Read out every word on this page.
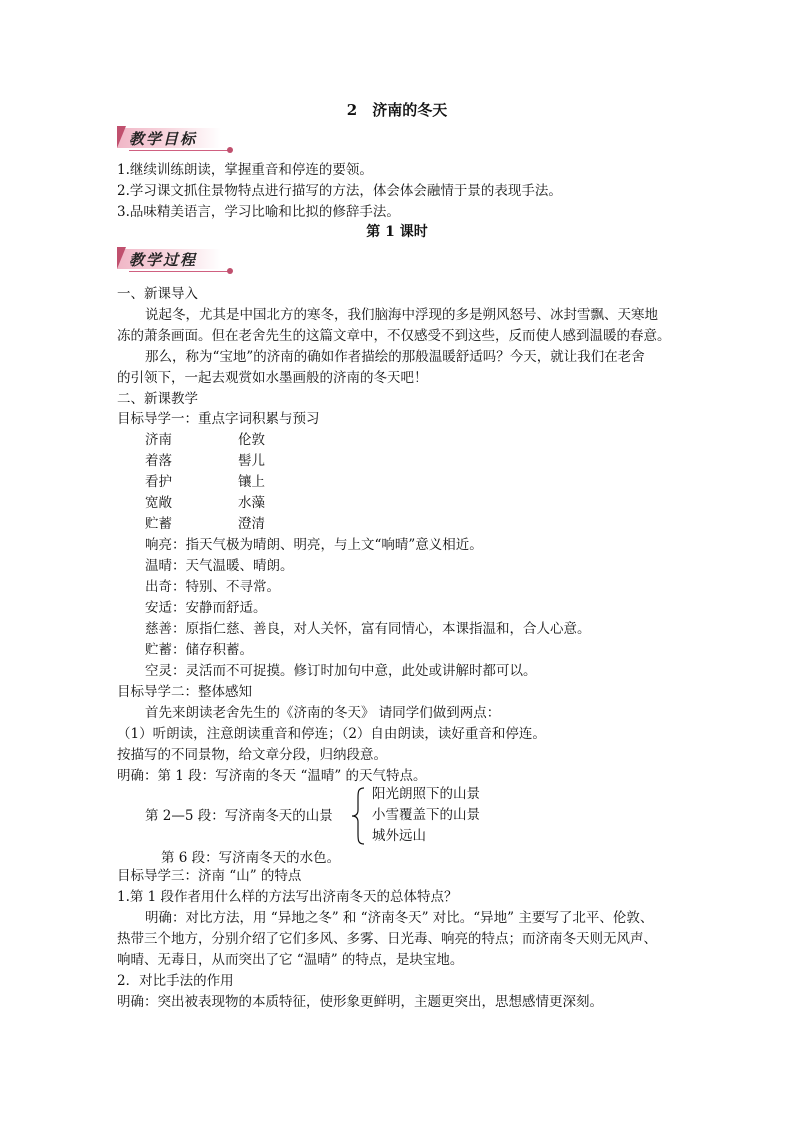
2　济南的冬天
教学目标
1.继续训练朗读，掌握重音和停连的要领。
2.学习课文抓住景物特点进行描写的方法，体会体会融情于景的表现手法。
3.品味精美语言，学习比喻和比拟的修辞手法。
第 1 课时
教学过程
一、新课导入
说起冬，尤其是中国北方的寒冬，我们脑海中浮现的多是朔风怒号、冰封雪飘、天寒地
冻的萧条画面。但在老舍先生的这篇文章中，不仅感受不到这些，反而使人感到温暖的春意。
那么，称为“宝地”的济南的确如作者描绘的那般温暖舒适吗？今天，就让我们在老舍
的引领下，一起去观赏如水墨画般的济南的冬天吧！
二、新课教学
目标导学一：重点字词积累与预习
济南	伦敦
着落	髻儿
看护	镶上
宽敞	水藻
贮蓄	澄清
响亮：指天气极为晴朗、明亮，与上文“响晴”意义相近。
温晴：天气温暖、晴朗。
出奇：特别、不寻常。
安适：安静而舒适。
慈善：原指仁慈、善良，对人关怀，富有同情心，本课指温和，合人心意。
贮蓄：储存积蓄。
空灵：灵活而不可捉摸。修订时加句中意，此处或讲解时都可以。
目标导学二：整体感知
首先来朗读老舍先生的《济南的冬天》 请同学们做到两点：
（1）听朗读，注意朗读重音和停连；（2）自由朗读，读好重音和停连。
按描写的不同景物，给文章分段，归纳段意。
明确：第 1 段：写济南的冬天 “温晴” 的天气特点。
第 2—5 段：写济南冬天的山景
阳光朗照下的山景
小雪覆盖下的山景
城外远山
第 6 段：写济南冬天的水色。
目标导学三：济南 “山” 的特点
1.第 1 段作者用什么样的方法写出济南冬天的总体特点？
明确：对比方法，用 “异地之冬” 和 “济南冬天” 对比。“异地” 主要写了北平、伦敦、
热带三个地方，分别介绍了它们多风、多雾、日光毒、响亮的特点；而济南冬天则无风声、
响晴、无毒日，从而突出了它 “温晴” 的特点，是块宝地。
2．对比手法的作用
明确：突出被表现物的本质特征，使形象更鲜明，主题更突出，思想感情更深刻。
